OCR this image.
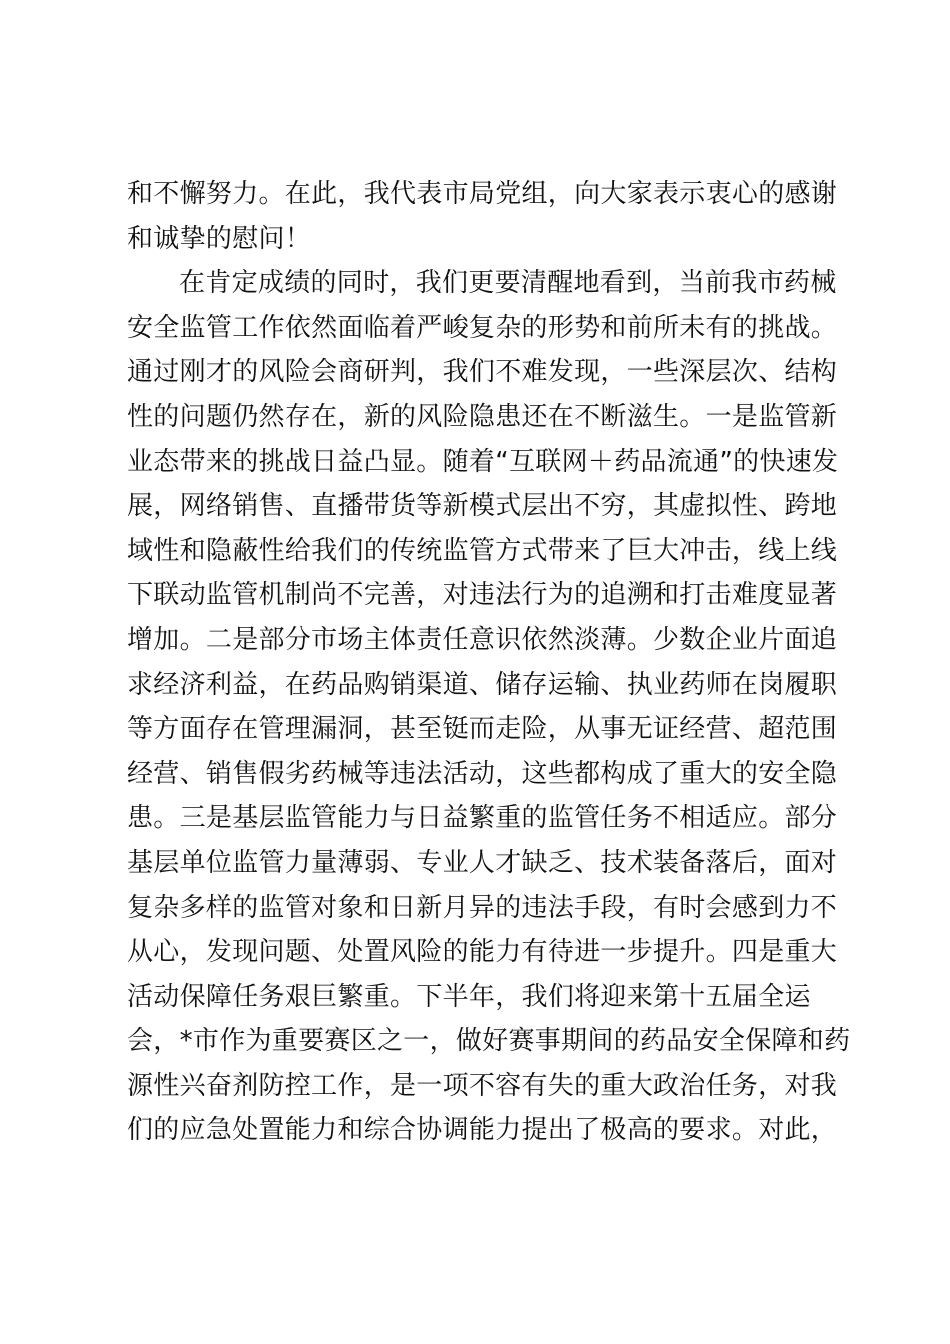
和不懈努力。在此，我代表市局党组，向大家表示衷心的感谢
和诚挚的慰问！
在肯定成绩的同时，我们更要清醒地看到，当前我市药械
安全监管工作依然面临着严峻复杂的形势和前所未有的挑战。
通过刚才的风险会商研判，我们不难发现，一些深层次、结构
性的问题仍然存在，新的风险隐患还在不断滋生。一是监管新
业态带来的挑战日益凸显。随着“互联网＋药品流通”的快速发
展，网络销售、直播带货等新模式层出不穷，其虚拟性、跨地
域性和隐蔽性给我们的传统监管方式带来了巨大冲击，线上线
下联动监管机制尚不完善，对违法行为的追溯和打击难度显著
增加。二是部分市场主体责任意识依然淡薄。少数企业片面追
求经济利益，在药品购销渠道、储存运输、执业药师在岗履职
等方面存在管理漏洞，甚至铤而走险，从事无证经营、超范围
经营、销售假劣药械等违法活动，这些都构成了重大的安全隐
患。三是基层监管能力与日益繁重的监管任务不相适应。部分
基层单位监管力量薄弱、专业人才缺乏、技术装备落后，面对
复杂多样的监管对象和日新月异的违法手段，有时会感到力不
从心，发现问题、处置风险的能力有待进一步提升。四是重大
活动保障任务艰巨繁重。下半年，我们将迎来第十五届全运
会，*市作为重要赛区之一，做好赛事期间的药品安全保障和药
源性兴奋剂防控工作，是一项不容有失的重大政治任务，对我
们的应急处置能力和综合协调能力提出了极高的要求。对此，
